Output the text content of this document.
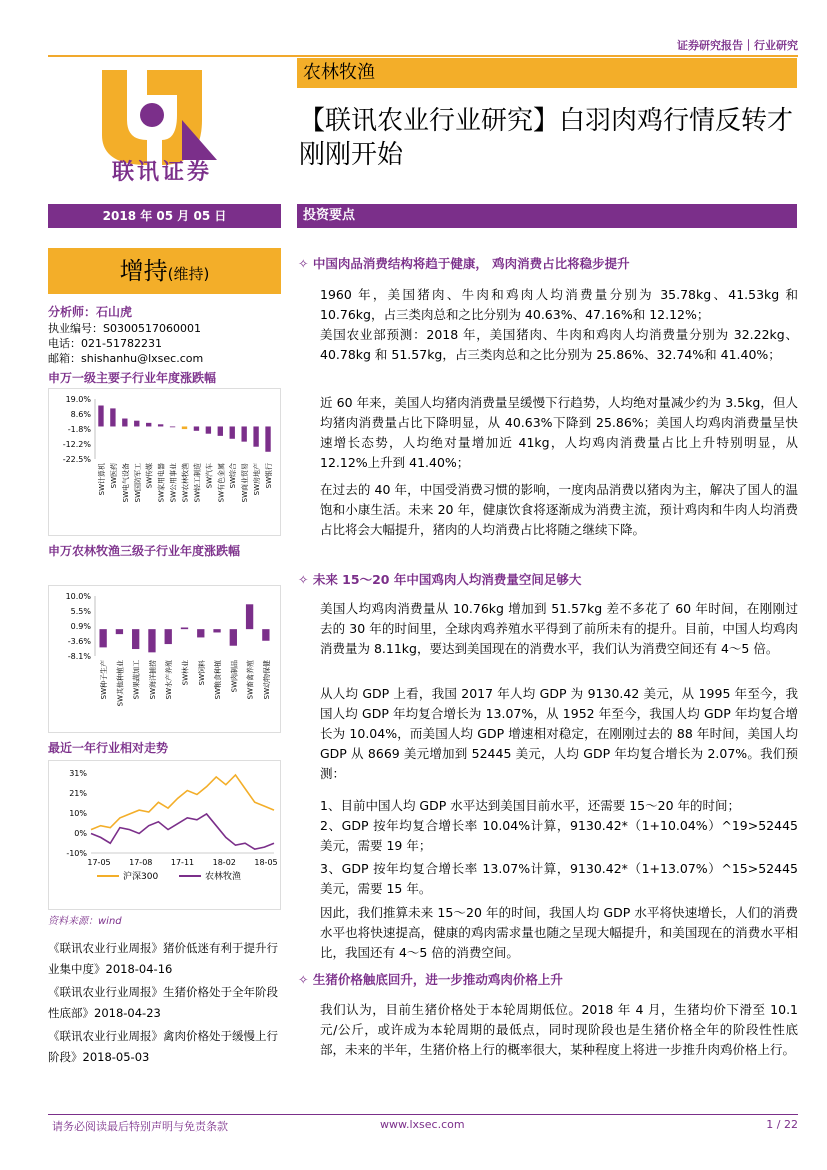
证券研究报告｜行业研究
联讯证券
农林牧渔
【联讯农业行业研究】白羽肉鸡行情反转才刚刚开始
2018 年 05 月 05 日	投资要点
增持(维持)
分析师：石山虎
执业编号：S0300517060001
电话：021-51782231
邮箱：shishanhu@lxsec.com
申万一级主要子行业年度涨跌幅
19.0%
8.6%
-1.8%
-12.2%
-22.5%
SW计算机 SW医药 SW电气设备 SW国防军工 SW传媒 SW家用电器 SW公用事业 SW农林牧渔 SW轻工制造 SW汽车 SW有色金属 SW综合 SW商业贸易 SW房地产 SW银行
申万农林牧渔三级子行业年度涨跌幅
10.0%
5.5%
0.9%
-3.6%
-8.1%
SW种子生产 SW其他种植业 SW果蔬加工 SW海洋捕捞 SW水产养殖 SW林业 SW饲料 SW粮食种植 SW肉制品 SW畜禽养殖 SW动物保健
最近一年行业相对走势
31%
21%
10%
0%
-10%
17-05 17-08 17-11 18-02 18-05
沪深300	农林牧渔
资料来源：wind
《联讯农业行业周报》猪价低迷有利于提升行业集中度》2018-04-16
《联讯农业行业周报》生猪价格处于全年阶段性底部》2018-04-23
《联讯农业行业周报》禽肉价格处于缓慢上行阶段》2018-05-03
✧ 中国肉品消费结构将趋于健康， 鸡肉消费占比将稳步提升
1960 年，美国猪肉、牛肉和鸡肉人均消费量分别为 35.78kg、41.53kg 和 10.76kg，占三类肉总和之比分别为 40.63%、47.16%和 12.12%；
美国农业部预测：2018 年，美国猪肉、牛肉和鸡肉人均消费量分别为 32.22kg、40.78kg 和 51.57kg，占三类肉总和之比分别为 25.86%、32.74%和 41.40%；
近 60 年来，美国人均猪肉消费量呈缓慢下行趋势，人均绝对量减少约为 3.5kg，但人均猪肉消费量占比下降明显，从 40.63%下降到 25.86%；美国人均鸡肉消费量呈快速增长态势，人均绝对量增加近 41kg，人均鸡肉消费量占比上升特别明显，从 12.12%上升到 41.40%；
在过去的 40 年，中国受消费习惯的影响，一度肉品消费以猪肉为主，解决了国人的温饱和小康生活。未来 20 年，健康饮食将逐渐成为消费主流，预计鸡肉和牛肉人均消费占比将会大幅提升，猪肉的人均消费占比将随之继续下降。
✧ 未来 15～20 年中国鸡肉人均消费量空间足够大
美国人均鸡肉消费量从 10.76kg 增加到 51.57kg 差不多花了 60 年时间，在刚刚过去的 30 年的时间里，全球肉鸡养殖水平得到了前所未有的提升。目前，中国人均鸡肉消费量为 8.11kg，要达到美国现在的消费水平，我们认为消费空间还有 4～5 倍。
从人均 GDP 上看，我国 2017 年人均 GDP 为 9130.42 美元，从 1995 年至今，我国人均 GDP 年均复合增长为 13.07%，从 1952 年至今，我国人均 GDP 年均复合增长为 10.04%，而美国人均 GDP 增速相对稳定，在刚刚过去的 88 年时间，美国人均 GDP 从 8669 美元增加到 52445 美元，人均 GDP 年均复合增长为 2.07%。我们预测：
1、目前中国人均 GDP 水平达到美国目前水平，还需要 15～20 年的时间；
2、GDP 按年均复合增长率 10.04%计算，9130.42*（1+10.04%）^19>52445 美元，需要 19 年；
3、GDP 按年均复合增长率 13.07%计算，9130.42*（1+13.07%）^15>52445 美元，需要 15 年。
因此，我们推算未来 15～20 年的时间，我国人均 GDP 水平将快速增长，人们的消费水平也将快速提高，健康的鸡肉需求量也随之呈现大幅提升，和美国现在的消费水平相比，我国还有 4～5 倍的消费空间。
✧ 生猪价格触底回升，进一步推动鸡肉价格上升
我们认为，目前生猪价格处于本轮周期低位。2018 年 4 月，生猪均价下滑至 10.1 元/公斤，或许成为本轮周期的最低点，同时现阶段也是生猪价格全年的阶段性性底部，未来的半年，生猪价格上行的概率很大，某种程度上将进一步推升肉鸡价格上行。
请务必阅读最后特别声明与免责条款	www.lxsec.com	1 / 22
